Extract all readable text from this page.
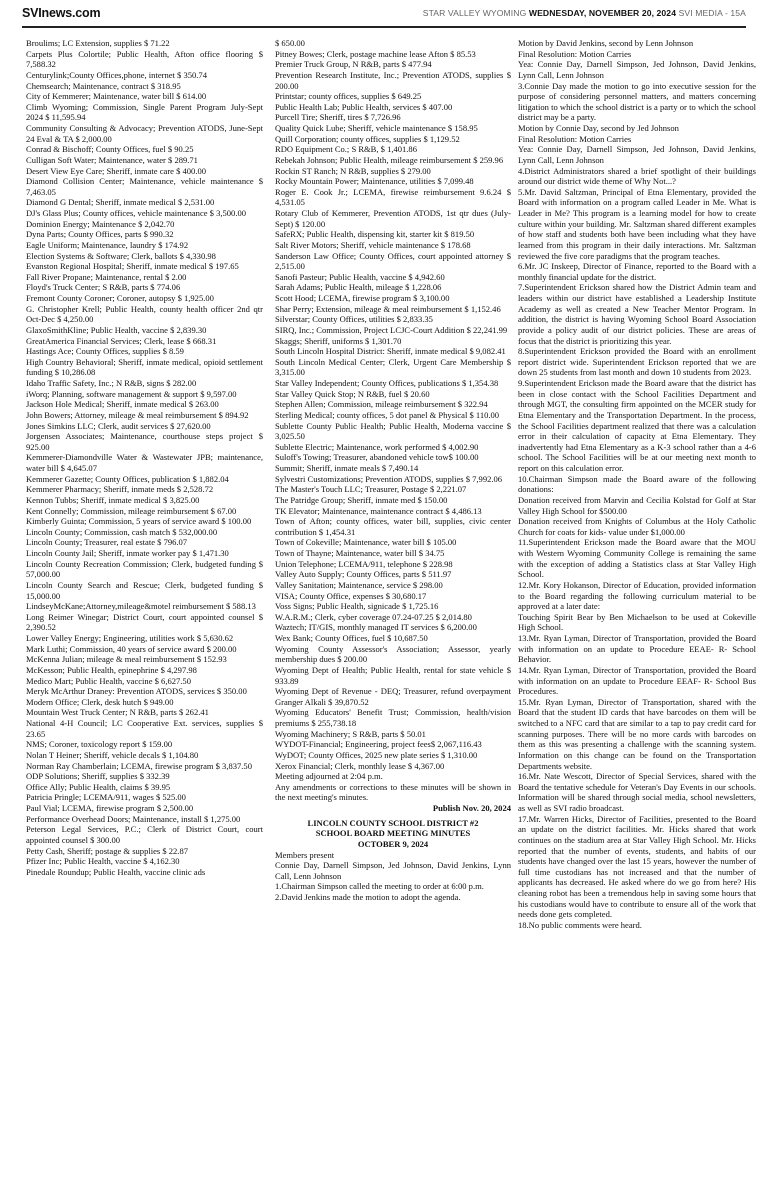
SVInews.com	STAR VALLEY WYOMING WEDNESDAY, NOVEMBER 20, 2024 SVI MEDIA - 15A
Broulims; LC Extension, supplies $ 71.22
Carpets Plus Colortile; Public Health, Afton office flooring $ 7,588.32
Centurylink;County Offices,phone, internet $ 350.74
Chemsearch; Maintenance, contract $ 318.95
City of Kemmerer; Maintenance, water bill $ 614.00
Climb Wyoming; Commission, Single Parent Program July-Sept 2024 $ 11,595.94
Community Consulting & Advocacy; Prevention ATODS, June-Sept 24 Eval & TA $ 2,000.00
Conrad & Bischoff; County Offices, fuel $ 90.25
Culligan Soft Water; Maintenance, water $ 289.71
Desert View Eye Care; Sheriff, inmate care $ 400.00
Diamond Collision Center; Maintenance, vehicle maintenance $ 7,463.05
Diamond G Dental; Sheriff, inmate medical $ 2,531.00
DJ's Glass Plus; County offices, vehicle maintenance $ 3,500.00
Dominion Energy; Maintenance $ 2,042.70
Dyna Parts; County Offices, parts $ 990.32
Eagle Uniform; Maintenance, laundry $ 174.92
Election Systems & Software; Clerk, ballots $ 4,330.98
Evanston Regional Hospital; Sheriff, inmate medical $ 197.65
Fall River Propane; Maintenance, rental $ 2.00
Floyd's Truck Center; S R&B, parts $ 774.06
Fremont County Coroner; Coroner, autopsy $ 1,925.00
G. Christopher Krell; Public Health, county health officer 2nd qtr Oct-Dec $ 4,250.00
GlaxoSmithKline; Public Health, vaccine $ 2,839.30
GreatAmerica Financial Services; Clerk, lease $ 668.31
Hastings Ace; County Offices, supplies $ 8.59
High Country Behavioral; Sheriff, inmate medical, opioid settlement funding $ 10,286.08
Idaho Traffic Safety, Inc.; N R&B, signs $ 282.00
iWorq; Planning, software management & support $ 9,597.00
Jackson Hole Medical; Sheriff, inmate medical $ 263.00
John Bowers; Attorney, mileage & meal reimbursement $ 894.92
Jones Simkins LLC; Clerk, audit services $ 27,620.00
Jorgensen Associates; Maintenance, courthouse steps project $ 925.00
Kemmerer-Diamondville Water & Wastewater JPB; maintenance, water bill $ 4,645.07
Kemmerer Gazette; County Offices, publication $ 1,882.04
Kemmerer Pharmacy; Sheriff, inmate meds $ 2,528.72
Kennon Tubbs; Sheriff, inmate medical $ 3,825.00
Kent Connelly; Commission, mileage reimbursement $ 67.00
Kimberly Guinta; Commission, 5 years of service award $ 100.00
Lincoln County; Commission, cash match $ 532,000.00
Lincoln County; Treasurer, real estate $ 796.07
Lincoln County Jail; Sheriff, inmate worker pay $ 1,471.30
Lincoln County Recreation Commission; Clerk, budgeted funding $ 57,000.00
Lincoln County Search and Rescue; Clerk, budgeted funding $ 15,000.00
LindseyMcKane;Attorney,mileage&motel reimbursement $ 588.13
Long Reimer Winegar; District Court, court appointed counsel $ 2,390.52
Lower Valley Energy; Engineering, utilities work $ 5,630.62
Mark Luthi; Commission, 40 years of service award $ 200.00
McKenna Julian; mileage & meal reimbursement $ 152.93
McKesson; Public Health, epinephrine $ 4,297.98
Medico Mart; Public Health, vaccine $ 6,627.50
Meryk McArthur Draney: Prevention ATODS, services $ 350.00
Modern Office; Clerk, desk hutch $ 949.00
Mountain West Truck Center; N R&B, parts $ 262.41
National 4-H Council; LC Cooperative Ext. services, supplies $ 23.65
NMS; Coroner, toxicology report $ 159.00
Nolan T Heiner; Sheriff, vehicle decals $ 1,104.80
Norman Ray Chamberlain; LCEMA, firewise program $ 3,837.50
ODP Solutions; Sheriff, supplies $ 332.39
Office Ally; Public Health, claims $ 39.95
Patricia Pringle; LCEMA/911, wages $ 525.00
Paul Vial; LCEMA, firewise program $ 2,500.00
Performance Overhead Doors; Maintenance, install $ 1,275.00
Peterson Legal Services, P.C.; Clerk of District Court, court appointed counsel $ 300.00
Petty Cash, Sheriff; postage & supplies $ 22.87
Pfizer Inc; Public Health, vaccine $ 4,162.30
Pinedale Roundup; Public Health, vaccine clinic ads
$ 650.00
Pitney Bowes; Clerk, postage machine lease Afton $ 85.53
Premier Truck Group, N R&B, parts $ 477.94
Prevention Research Institute, Inc.; Prevention ATODS, supplies $ 200.00
Printstar; county offices, supplies $ 649.25
Public Health Lab; Public Health, services $ 407.00
Purcell Tire; Sheriff, tires $ 7,726.96
Quality Quick Lube; Sheriff, vehicle maintenance $ 158.95
Quill Corporation; county offices, supplies $ 1,129.52
RDO Equipment Co.; S R&B, $ 1,401.86
Rebekah Johnson; Public Health, mileage reimbursement $ 259.96
Rockin ST Ranch; N R&B, supplies $ 279.00
Rocky Mountain Power; Maintenance, utilities $ 7,099.48
Roger E. Cook Jr.; LCEMA, firewise reimbursement 9.6.24 $ 4,531.05
Rotary Club of Kemmerer, Prevention ATODS, 1st qtr dues (July-Sept) $ 120.00
SafeRX; Public Health, dispensing kit, starter kit $ 819.50
Salt River Motors; Sheriff, vehicle maintenance $ 178.68
Sanderson Law Office; County Offices, court appointed attorney $ 2,515.00
Sanofi Pasteur; Public Health, vaccine $ 4,942.60
Sarah Adams; Public Health, mileage $ 1,228.06
Scott Hood; LCEMA, firewise program $ 3,100.00
Shar Perry; Extension, mileage & meal reimbursement $ 1,152.46
Silverstar; County Offices, utilities $ 2,833.35
SIRQ, Inc.; Commission, Project LCJC-Court Addition $ 22,241.99
Skaggs; Sheriff, uniforms $ 1,301.70
South Lincoln Hospital District: Sheriff, inmate medical $ 9,082.41
South Lincoln Medical Center; Clerk, Urgent Care Membership $ 3,315.00
Star Valley Independent; County Offices, publications $ 1,354.38
Star Valley Quick Stop; N R&B, fuel $ 20.60
Stephen Allen; Commission, mileage reimbursement $ 322.94
Sterling Medical; county offices, 5 dot panel & Physical $ 110.00
Sublette County Public Health; Public Health, Moderna vaccine $ 3,025.50
Sublette Electric; Maintenance, work performed $ 4,002.90
Suloff's Towing; Treasurer, abandoned vehicle tow$ 100.00
Summit; Sheriff, inmate meals $ 7,490.14
Sylvestri Customizations; Prevention ATODS, supplies $ 7,992.06
The Master's Touch LLC; Treasurer, Postage $ 2,221.07
The Patridge Group; Sheriff, inmate med $ 150.00
TK Elevator; Maintenance, maintenance contract $ 4,486.13
Town of Afton; county offices, water bill, supplies, civic center contribution $ 1,454.31
Town of Cokeville; Maintenance, water bill $ 105.00
Town of Thayne; Maintenance, water bill $ 34.75
Union Telephone; LCEMA/911, telephone $ 228.98
Valley Auto Supply; County Offices, parts $ 511.97
Valley Sanitation; Maintenance, service $ 298.00
VISA; County Office, expenses $ 30,680.17
Voss Signs; Public Health, signicade $ 1,725.16
W.A.R.M.; Clerk, cyber coverage 07.24-07.25 $ 2,014.80
Waztech; IT/GIS, monthly managed IT services $ 6,200.00
Wex Bank; County Offices, fuel $ 10,687.50
Wyoming County Assessor's Association; Assessor, yearly membership dues $ 200.00
Wyoming Dept of Health; Public Health, rental for state vehicle $ 933.89
Wyoming Dept of Revenue - DEQ; Treasurer, refund overpayment Granger Alkali $ 39,870.52
Wyoming Educators' Benefit Trust; Commission, health/vision premiums $ 255,738.18
Wyoming Machinery; S R&B, parts $ 50.01
WYDOT-Financial; Engineering, project fees$ 2,067,116.43
WyDOT; County Offices, 2025 new plate series $ 1,310.00
Xerox Financial; Clerk, monthly lease $ 4,367.00
Meeting adjourned at 2:04 p.m.
Any amendments or corrections to these minutes will be shown in the next meeting's minutes.
Publish Nov. 20, 2024
LINCOLN COUNTY SCHOOL DISTRICT #2
SCHOOL BOARD MEETING MINUTES
OCTOBER 9, 2024
Members present
Connie Day, Darnell Simpson, Jed Johnson, David Jenkins, Lynn Call, Lenn Johnson
1.Chairman Simpson called the meeting to order at 6:00 p.m.
2.David Jenkins made the motion to adopt the agenda.
Motion by David Jenkins, second by Lenn Johnson
Final Resolution: Motion Carries
Yea: Connie Day, Darnell Simpson, Jed Johnson, David Jenkins, Lynn Call, Lenn Johnson
3.Connie Day made the motion to go into executive session for the purpose of considering personnel matters, and matters concerning litigation to which the school district is a party or to which the school district may be a party.
Motion by Connie Day, second by Jed Johnson
Final Resolution: Motion Carries
Yea: Connie Day, Darnell Simpson, Jed Johnson, David Jenkins, Lynn Call, Lenn Johnson
4.District Administrators shared a brief spotlight of their buildings around our district wide theme of Why Not...?
5.Mr. David Saltzman, Principal of Etna Elementary, provided the Board with information on a program called Leader in Me. What is Leader in Me? This program is a learning model for how to create culture within your building. Mr. Saltzman shared different examples of how staff and students both have been including what they have learned from this program in their daily interactions. Mr. Saltzman reviewed the five core paradigms that the program teaches.
6.Mr. JC Inskeep, Director of Finance, reported to the Board with a monthly financial update for the district.
7.Superintendent Erickson shared how the District Admin team and leaders within our district have established a Leadership Institute Academy as well as created a New Teacher Mentor Program. In addition, the district is having Wyoming School Board Association provide a policy audit of our district policies. These are areas of focus that the district is prioritizing this year.
8.Superintendent Erickson provided the Board with an enrollment report district wide. Superintendent Erickson reported that we are down 25 students from last month and down 10 students from 2023.
9.Superintendent Erickson made the Board aware that the district has been in close contact with the School Facilities Department and through MGT, the consulting firm appointed on the MCER study for Etna Elementary and the Transportation Department. In the process, the School Facilities department realized that there was a calculation error in their calculation of capacity at Etna Elementary. They inadvertently had Etna Elementary as a K-3 school rather than a 4-6 school. The School Facilities will be at our meeting next month to report on this calculation error.
10.Chairman Simpson made the Board aware of the following donations:
Donation received from Marvin and Cecilia Kolstad for Golf at Star Valley High School for $500.00
Donation received from Knights of Columbus at the Holy Catholic Church for coats for kids- value under $1,000.00
11.Superintendent Erickson made the Board aware that the MOU with Western Wyoming Community College is remaining the same with the exception of adding a Statistics class at Star Valley High School.
12.Mr. Kory Hokanson, Director of Education, provided information to the Board regarding the following curriculum material to be approved at a later date:
Touching Spirit Bear by Ben Michaelson to be used at Cokeville High School.
13.Mr. Ryan Lyman, Director of Transportation, provided the Board with information on an update to Procedure EEAE- R- School Behavior.
14.Mr. Ryan Lyman, Director of Transportation, provided the Board with information on an update to Procedure EEAF- R- School Bus Procedures.
15.Mr. Ryan Lyman, Director of Transportation, shared with the Board that the student ID cards that have barcodes on them will be switched to a NFC card that are similar to a tap to pay credit card for scanning purposes. There will be no more cards with barcodes on them as this was presenting a challenge with the scanning system. Information on this change can be found on the Transportation Departments website.
16.Mr. Nate Wescott, Director of Special Services, shared with the Board the tentative schedule for Veteran's Day Events in our schools. Information will be shared through social media, school newsletters, as well as SVI radio broadcast.
17.Mr. Warren Hicks, Director of Facilities, presented to the Board an update on the district facilities. Mr. Hicks shared that work continues on the stadium area at Star Valley High School. Mr. Hicks reported that the number of events, students, and habits of our students have changed over the last 15 years, however the number of full time custodians has not increased and that the number of applicants has decreased. He asked where do we go from here? His cleaning robot has been a tremendous help in saving some hours that his custodians would have to contribute to ensure all of the work that needs done gets completed.
18.No public comments were heard.
